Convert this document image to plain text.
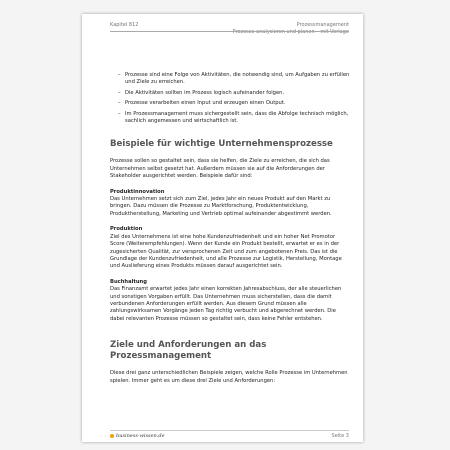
Kapitel 812	Prozessmanagement
Prozesse analysieren und planen – mit Vorlage
– Prozesse sind eine Folge von Aktivitäten, die notwendig sind, um Aufgaben zu erfüllen und Ziele zu erreichen.
– Die Aktivitäten sollten im Prozess logisch aufeinander folgen.
– Prozesse verarbeiten einen Input und erzeugen einen Output.
– Im Prozessmanagement muss sichergestellt sein, dass die Abfolge technisch möglich, sachlich angemessen und wirtschaftlich ist.
Beispiele für wichtige Unternehmensprozesse

Prozesse sollen so gestaltet sein, dass sie helfen, die Ziele zu erreichen, die sich das Unternehmen selbst gesetzt hat. Außerdem müssen sie auf die Anforderungen der Stakeholder ausgerichtet werden. Beispiele dafür sind:

Produktinnovation

Das Unternehmen setzt sich zum Ziel, jedes Jahr ein neues Produkt auf den Markt zu bringen. Dazu müssen die Prozesse zu Marktforschung, Produktentwicklung, Produktherstellung, Marketing und Vertrieb optimal aufeinander abgestimmt werden.

Produktion

Ziel des Unternehmens ist eine hohe Kundenzufriedenheit und ein hoher Net Promotor Score (Weiterempfehlungen). Wenn der Kunde ein Produkt bestellt, erwartet er es in der zugesicherten Qualität, zur versprochenen Zeit und zum angebotenen Preis. Das ist die Grundlage der Kundenzufriedenheit, und alle Prozesse zur Logistik, Herstellung, Montage und Auslieferung eines Produkts müssen darauf ausgerichtet sein.

Buchhaltung

Das Finanzamt erwartet jedes Jahr einen korrekten Jahresabschluss, der alle steuerlichen und sonstigen Vorgaben erfüllt. Das Unternehmen muss sicherstellen, dass die damit verbundenen Anforderungen erfüllt werden. Aus diesem Grund müssen alle zahlungswirksamen Vorgänge jeden Tag richtig verbucht und abgerechnet werden. Die dabei relevanten Prozesse müssen so gestaltet sein, dass keine Fehler entstehen.

Ziele und Anforderungen an das Prozessmanagement

Diese drei ganz unterschiedlichen Beispiele zeigen, welche Rolle Prozesse im Unternehmen spielen. Immer geht es um diese drei Ziele und Anforderungen:

business-wissen.de	Seite 3
